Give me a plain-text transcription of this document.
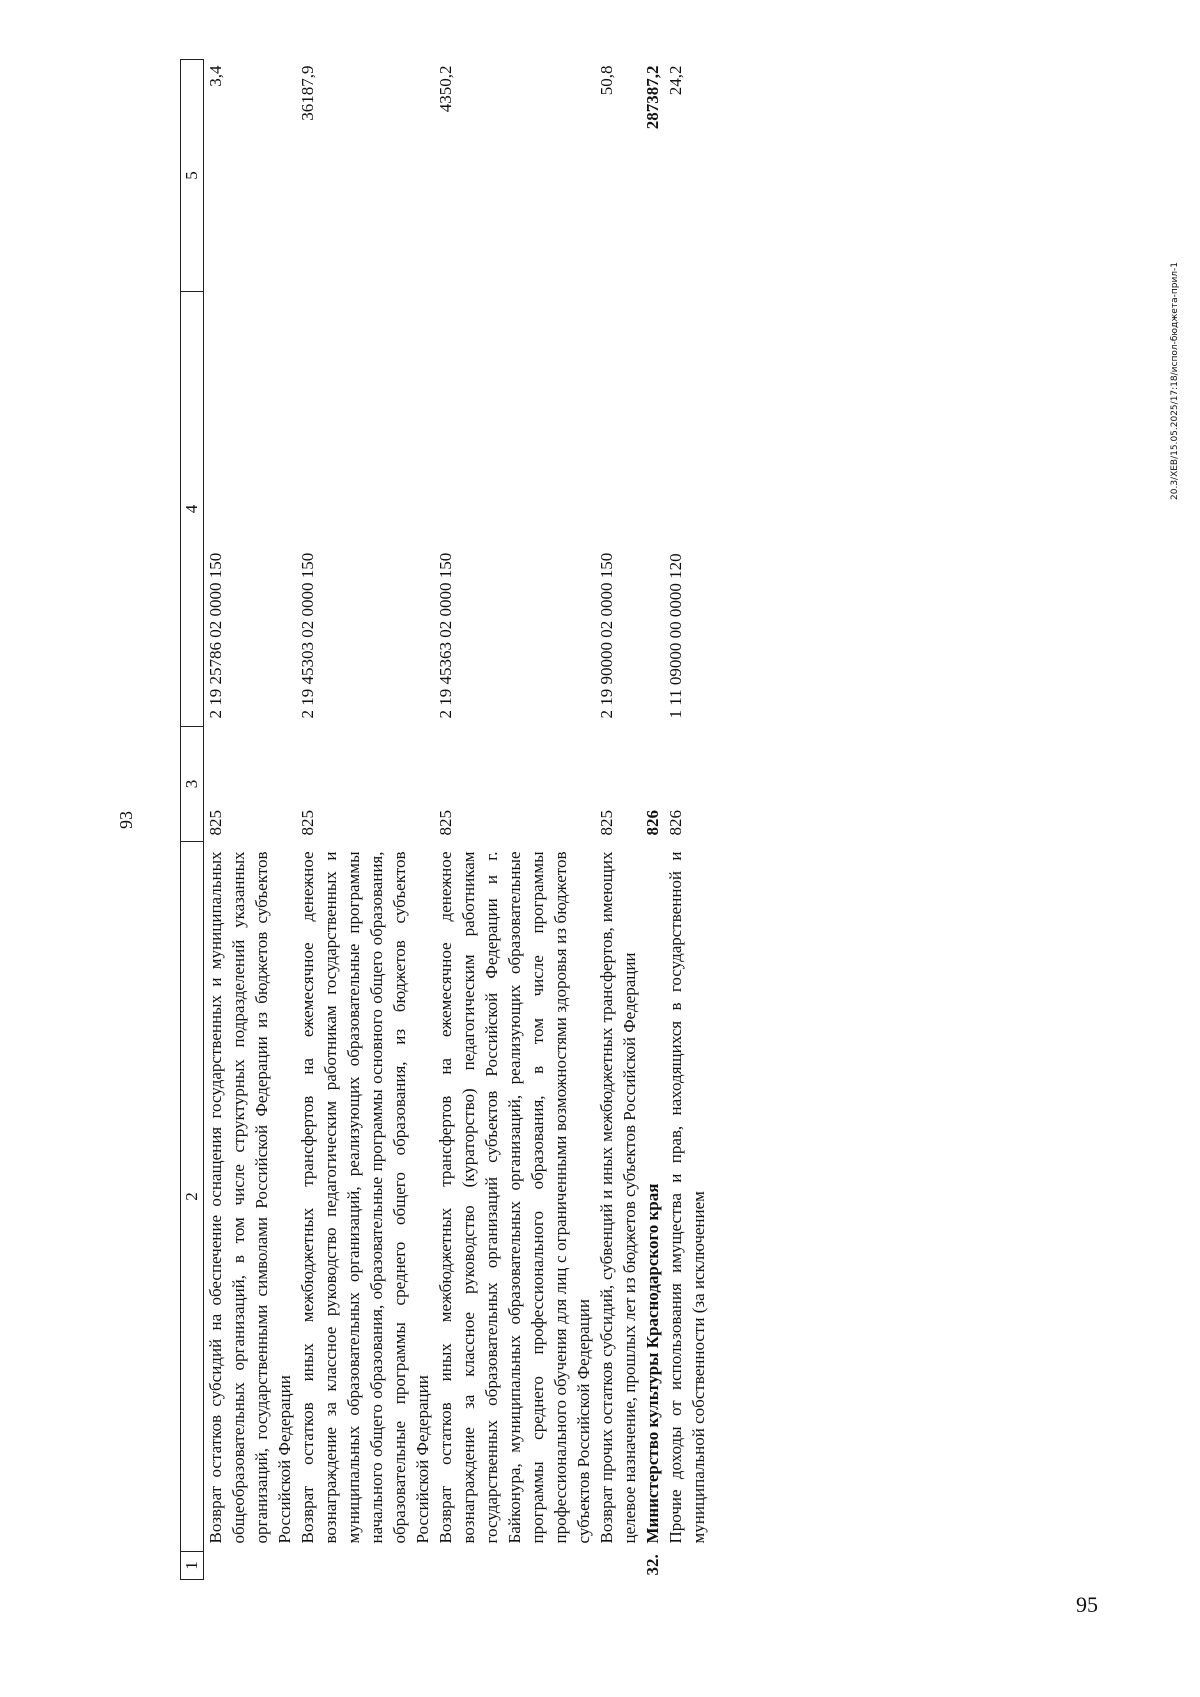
93
1	2	3	4	5
	Возврат остатков субсидий на обеспечение оснащения государственных и муниципальных общеобразовательных организаций, в том числе структурных подразделений указанных организаций, государственными символами Российской Федерации из бюджетов субъектов Российской Федерации	825	2 19 25786 02 0000 150	3,4
	Возврат остатков иных межбюджетных трансфертов на ежемесячное денежное вознаграждение за классное руководство педагогическим работникам государственных и муниципальных образовательных организаций, реализующих образовательные программы начального общего образования, образовательные программы основного общего образования, образовательные программы среднего общего образования, из бюджетов субъектов Российской Федерации	825	2 19 45303 02 0000 150	36187,9
	Возврат остатков иных межбюджетных трансфертов на ежемесячное денежное вознаграждение за классное руководство (кураторство) педагогическим работникам государственных образовательных организаций субъектов Российской Федерации и г. Байконура, муниципальных образовательных организаций, реализующих образовательные программы среднего профессионального образования, в том числе программы профессионального обучения для лиц с ограниченными возможностями здоровья из бюджетов субъектов Российской Федерации	825	2 19 45363 02 0000 150	4350,2
	Возврат прочих остатков субсидий, субвенций и иных межбюджетных трансфертов, имеющих целевое назначение, прошлых лет из бюджетов субъектов Российской Федерации	825	2 19 90000 02 0000 150	50,8
32.	Министерство культуры Краснодарского края	826		287387,2
	Прочие доходы от использования имущества и прав, находящихся в государственной и муниципальной собственности (за исключением	826	1 11 09000 00 0000 120	24,2
20.3/XEB/15.05.2025/17:18/испол-бюджета-прил-1
95
